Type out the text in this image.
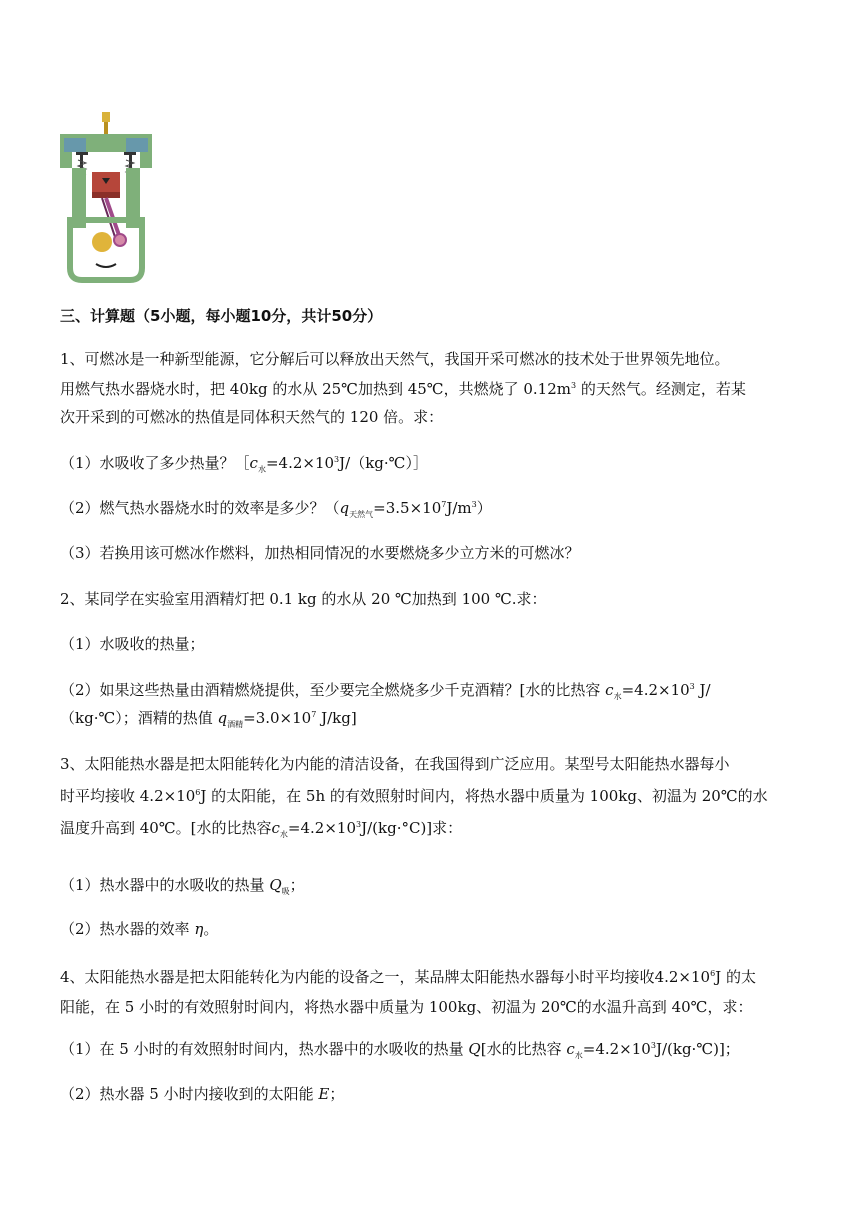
三、计算题（5小题，每小题10分，共计50分）
1、可燃冰是一种新型能源，它分解后可以释放出天然气，我国开采可燃冰的技术处于世界领先地位。
用燃气热水器烧水时，把 40kg 的水从 25℃加热到 45℃，共燃烧了 $0.12m^3$ 的天然气。经测定，若某
次开采到的可燃冰的热值是同体积天然气的 120 倍。求：
（1）水吸收了多少热量？$[c_水=4.2\times 10^3J/(kg\cdot℃)]$
（2）燃气热水器烧水时的效率是多少？$(q_{天然气}=3.5\times 10^7J/m^3)$
（3）若换用该可燃冰作燃料，加热相同情况的水要燃烧多少立方米的可燃冰？
2、某同学在实验室用酒精灯把 0.1 kg 的水从 20 ℃加热到 100 ℃.求：
（1）水吸收的热量；
（2）如果这些热量由酒精燃烧提供，至少要完全燃烧多少千克酒精？[水的比热容 $c_水=4.2\times 10^3$ J/
（kg·℃）；酒精的热值 $q_{酒精}=3.0\times 10^7$ J/kg]
3、太阳能热水器是把太阳能转化为内能的清洁设备，在我国得到广泛应用。某型号太阳能热水器每小
时平均接收 $4.2\times 10^6J$ 的太阳能，在 5h 的有效照射时间内，将热水器中质量为 100kg、初温为 20℃的水
温度升高到 40℃。[水的比热容$c_水=4.2\times 10^3J/(kg\cdot^\circ C)$]求：
（1）热水器中的水吸收的热量 $Q_吸$；
（2）热水器的效率 η。
4、太阳能热水器是把太阳能转化为内能的设备之一，某品牌太阳能热水器每小时平均接收$4.2\times 10^6J$ 的太
阳能，在 5 小时的有效照射时间内，将热水器中质量为 100kg、初温为 20℃的水温升高到 40℃，求：
（1）在 5 小时的有效照射时间内，热水器中的水吸收的热量 Q[水的比热容 $c_水=4.2\times 10^3J/(kg\cdot℃)$]；
（2）热水器 5 小时内接收到的太阳能 E；
